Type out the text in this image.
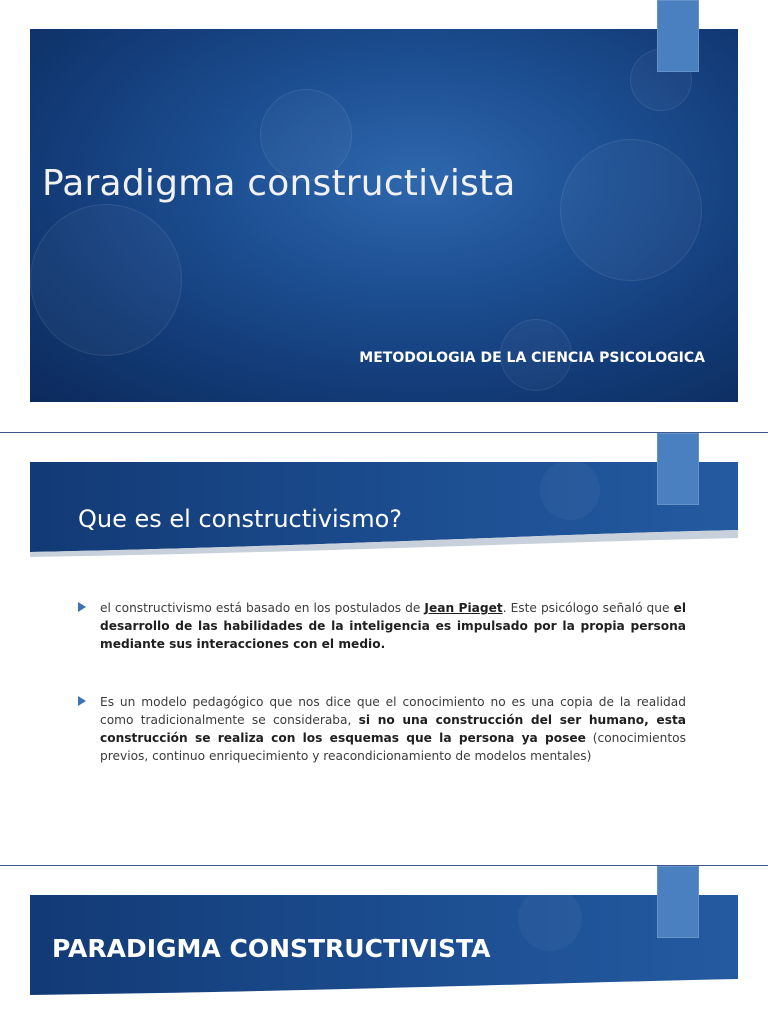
Paradigma constructivista
METODOLOGIA DE LA CIENCIA PSICOLOGICA
Que es el constructivismo?
el constructivismo está basado en los postulados de Jean Piaget. Este psicólogo señaló que el desarrollo de las habilidades de la inteligencia es impulsado por la propia persona mediante sus interacciones con el medio.
Es un modelo pedagógico que nos dice que el conocimiento no es una copia de la realidad como tradicionalmente se consideraba, si no una construcción del ser humano, esta construcción se realiza con los esquemas que la persona ya posee (conocimientos previos, continuo enriquecimiento y reacondicionamiento de modelos mentales)
PARADIGMA CONSTRUCTIVISTA
